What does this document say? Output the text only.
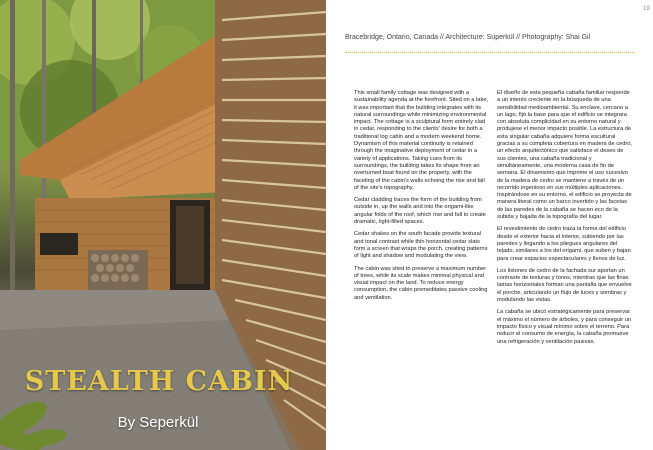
STEALTH CABIN
By Seperkül
19
Bracebridge, Ontario, Canada // Architecture: Superkül // Photography: Shai Gil

This small family cottage was designed with a sustainability agenda at the forefront. Sited on a lake, it was important that the building integrates with its natural surroundings while minimizing environmental impact. The cottage is a sculptural form entirely clad in cedar, responding to the clients' desire for both a traditional log cabin and a modern weekend home. Dynamism of this material continuity is retained through the imaginative deployment of cedar in a variety of applications. Taking cues from its surroundings, the building takes its shape from an overturned boat found on the property, with the faceting of the cabin's walls echoing the rise and fall of the site's topography.

Cedar cladding traces the form of the building from outside in, up the walls and into the origami-like angular folds of the roof, which rise and fall to create dramatic, light-filled spaces.

Cedar shakes on the south facade provide textural and tonal contrast while thin horizontal cedar slats form a screen that wraps the porch, creating patterns of light and shadow and modulating the view.

The cabin was sited to preserve a maximum number of trees, while its scale makes minimal physical and visual impact on the land. To reduce energy consumption, the cabin premeditates passive cooling and ventilation.

El diseño de esta pequeña cabaña familiar responde a un interés creciente en la búsqueda de una sensibilidad medioambiental. Su enclave, cercano a un lago, fijó la base para que el edificio se integrara con absoluta complicidad en su entorno natural y produjese el menor impacto posible. La estructura de esta singular cabaña adquiere forma escultural gracias a su completa cobertura en madera de cedro, un efecto arquitectónico que satisface el deseo de sus clientes, una cabaña tradicional y simultáneamente, una moderna casa de fin de semana. El dinamismo que imprime el uso sucesivo de la madera de cedro se mantiene a través de un recorrido ingenioso en sus múltiples aplicaciones. Inspirándose en su entorno, el edificio se proyecta de manera literal como un barco invertido y las facetas de las paredes de la cabaña se hacen eco de la subida y bajada de la topografía del lugar.

El revestimiento de cedro traza la forma del edificio desde el exterior hacia el interior, subiendo por las paredes y llegando a los pliegues angulares del tejado, similares a los del origami, que suben y bajan para crear espacios espectaculares y llenos de luz.

Los listones de cedro de la fachada sur aportan un contraste de texturas y tonos, mientras que las finas lamas horizontales forman una pantalla que envuelve el porche, articulando un flujo de luces y sombras y modulando las vistas.

La cabaña se ubicó estratégicamente para preservar el máximo el número de árboles, y para conseguir un impacto físico y visual mínimo sobre el terreno. Para reducir el consumo de energía, la cabaña promueve una refrigeración y ventilación pasivas.
